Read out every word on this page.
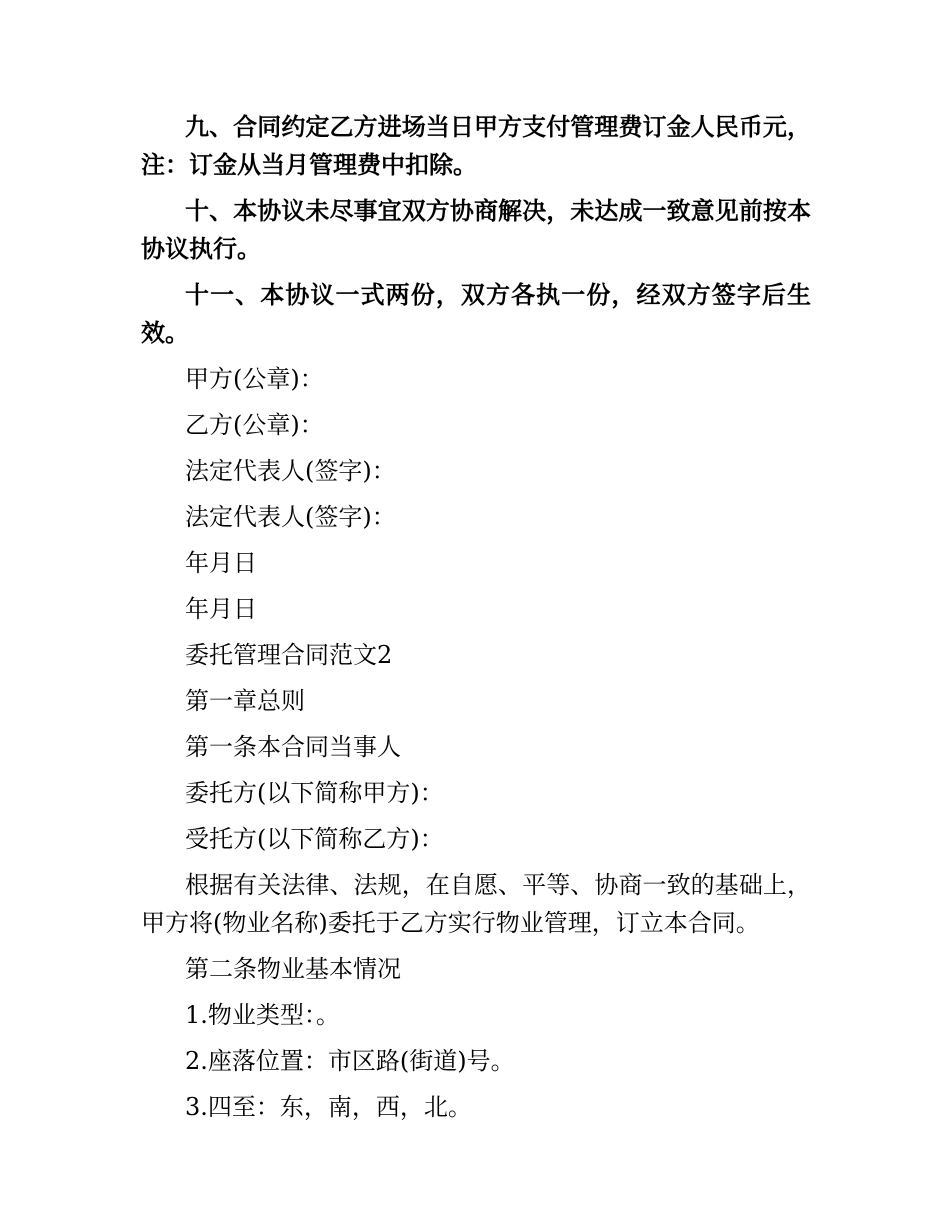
九、合同约定乙方进场当日甲方支付管理费订金人民币元，注：订金从当月管理费中扣除。

十、本协议未尽事宜双方协商解决，未达成一致意见前按本协议执行。

十一、本协议一式两份，双方各执一份，经双方签字后生效。

甲方(公章)：

乙方(公章)：

法定代表人(签字)：

法定代表人(签字)：

年月日

年月日

委托管理合同范文2

第一章总则

第一条本合同当事人

委托方(以下简称甲方)：

受托方(以下简称乙方)：

根据有关法律、法规，在自愿、平等、协商一致的基础上，甲方将(物业名称)委托于乙方实行物业管理，订立本合同。

第二条物业基本情况

1.物业类型：。

2.座落位置：市区路(街道)号。

3.四至：东，南，西，北。
